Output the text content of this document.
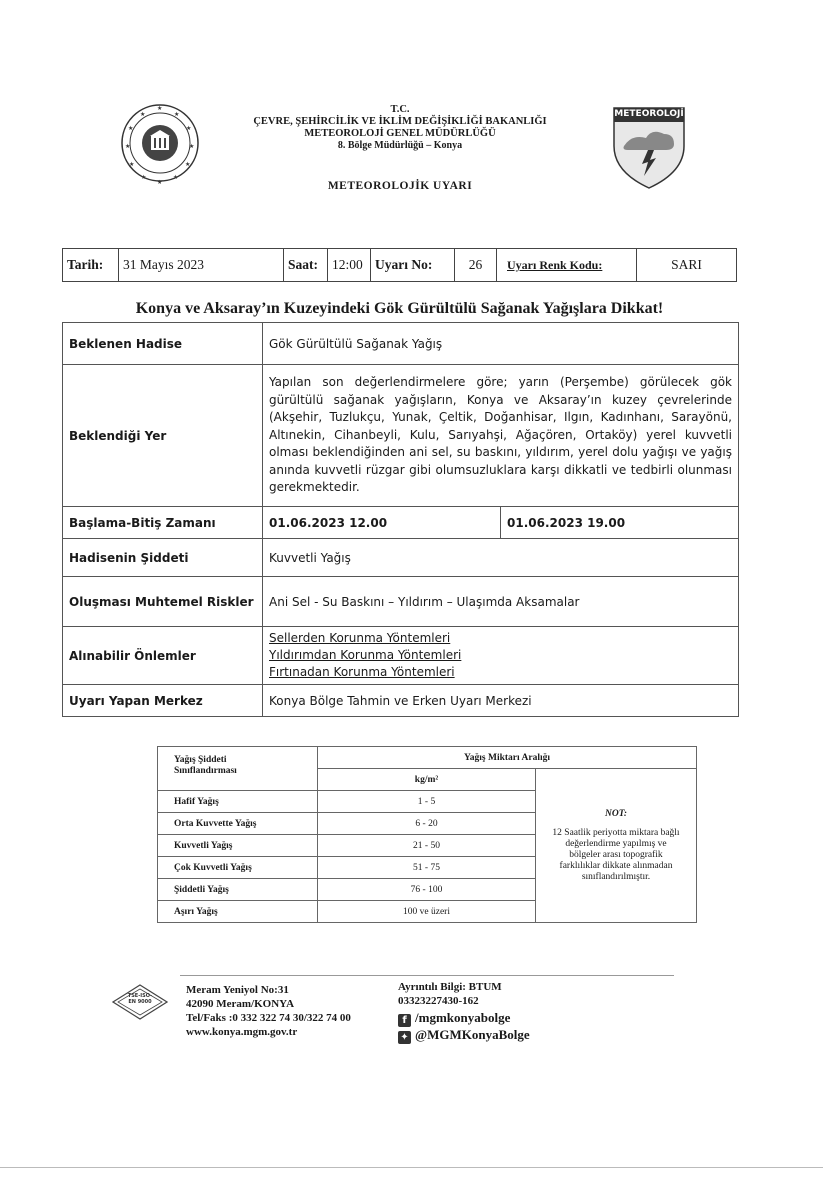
★
★	★
★	★
★	★
★	★
★	★
★
T.C.
ÇEVRE, ŞEHİRCİLİK VE İKLİM DEĞİŞİKLİĞİ BAKANLIĞI
METEOROLOJİ GENEL MÜDÜRLÜĞÜ
8. Bölge Müdürlüğü – Konya
METEOROLOJİK UYARI
METEOROLOJİ
Tarih:	31 Mayıs 2023	Saat:	12:00 Uyarı No:	26	Uyarı Renk Kodu:	SARI
Konya ve Aksaray’ın Kuzeyindeki Gök Gürültülü Sağanak Yağışlara Dikkat!
Beklenen Hadise	Gök Gürültülü Sağanak Yağış	
Beklendiği Yer	Yapılan son değerlendirmelere göre; yarın (Perşembe) görülecek gök gürültülü sağanak yağışların, Konya ve Aksaray’ın kuzey çevrelerinde (Akşehir, Tuzlukçu, Yunak, Çeltik, Doğanhisar, Ilgın, Kadınhanı, Sarayönü, Altınekin, Cihanbeyli, Kulu, Sarıyahşi, Ağaçören, Ortaköy) yerel kuvvetli olması beklendiğinden ani sel, su baskını, yıldırım, yerel dolu yağışı ve yağış anında kuvvetli rüzgar gibi olumsuzluklara karşı dikkatli ve tedbirli olunması gerekmektedir.	
Başlama-Bitiş Zamanı	01.06.2023 12.00	01.06.2023 19.00
Hadisenin Şiddeti	Kuvvetli Yağış	
Oluşması Muhtemel Riskler	Ani Sel - Su Baskını – Yıldırım – Ulaşımda Aksamalar	
Alınabilir Önlemler	Sellerden Korunma Yöntemleri
Yıldırımdan Korunma Yöntemleri
Fırtınadan Korunma Yöntemleri	

Uyarı Yapan Merkez	Konya Bölge Tahmin ve Erken Uyarı Merkezi	
Yağış Şiddeti
Sınıflandırması	Yağış Miktarı Aralığı	
	kg/m²	NOT:
12 Saatlik periyotta miktara bağlı değerlendirme yapılmış ve bölgeler arası topografik farklılıklar dikkate alınmadan sınıflandırılmıştır.

Hafif Yağış	1 - 5	
Orta Kuvvette Yağış	6 - 20	
Kuvvetli Yağış	21 - 50	
Çok Kuvvetli Yağış	51 - 75	
Şiddetli Yağış	76 - 100	
Aşırı Yağış	100 ve üzeri	
TSE-ISO-EN 9000
Meram Yeniyol No:31
42090 Meram/KONYA
Tel/Faks :0 332 322 74 30/322 74 00
www.konya.mgm.gov.tr
Ayrıntılı Bilgi: BTUM
03323227430-162
f /mgmkonyabolge
✦ @MGMKonyaBolge
